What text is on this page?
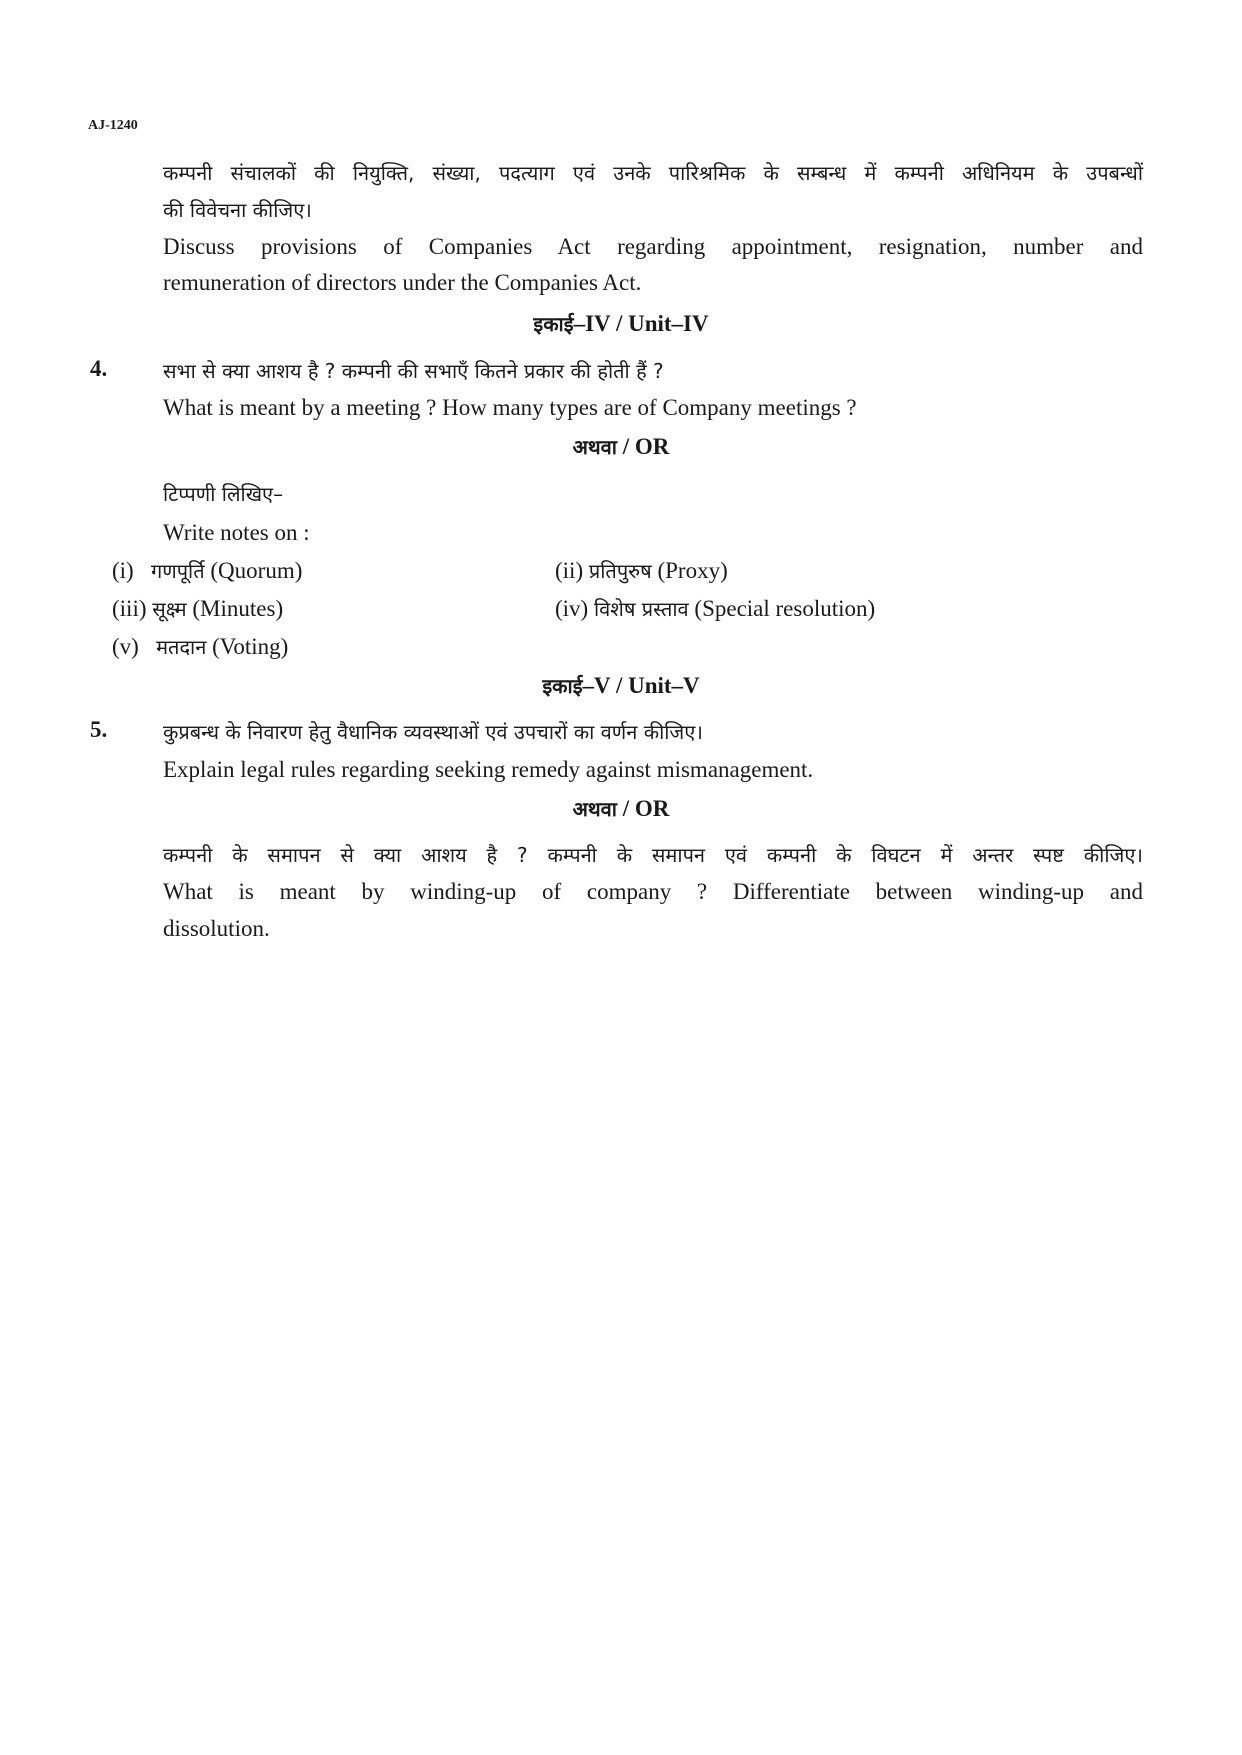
AJ-1240
कम्पनी संचालकों की नियुक्ति, संख्या, पदत्याग एवं उनके पारिश्रमिक के सम्बन्ध में कम्पनी अधिनियम के उपबन्धों
की विवेचना कीजिए।
Discuss provisions of Companies Act regarding appointment, resignation, number and
remuneration of directors under the Companies Act.
इकाई–IV / Unit–IV
4.	सभा से क्या आशय है ? कम्पनी की सभाएँ कितने प्रकार की होती हैं ?
What is meant by a meeting ? How many types are of Company meetings ?
अथवा / OR
टिप्पणी लिखिए–
Write notes on :
(i) गणपूर्ति (Quorum)	(ii) प्रतिपुरुष (Proxy)
(iii) सूक्ष्म (Minutes)	(iv) विशेष प्रस्ताव (Special resolution)
(v) मतदान (Voting)
इकाई–V / Unit–V
5.	कुप्रबन्ध के निवारण हेतु वैधानिक व्यवस्थाओं एवं उपचारों का वर्णन कीजिए।
Explain legal rules regarding seeking remedy against mismanagement.
अथवा / OR
कम्पनी के समापन से क्या आशय है ? कम्पनी के समापन एवं कम्पनी के विघटन में अन्तर स्पष्ट कीजिए।
What is meant by winding-up of company ? Differentiate between winding-up and
dissolution.
